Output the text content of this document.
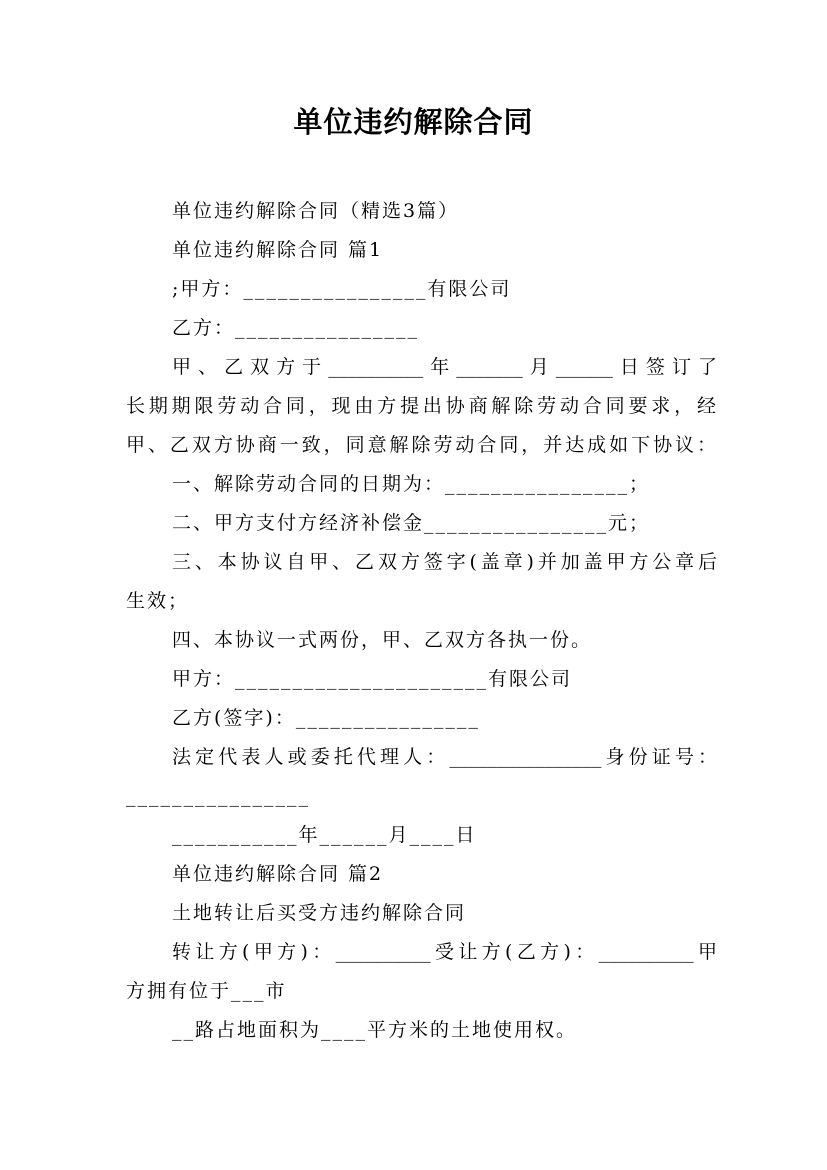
单位违约解除合同
单位违约解除合同（精选3篇）
单位违约解除合同 篇1
;甲方：________________有限公司
乙方：________________
甲、乙双方于__________年_______月______日签订了
长期期限劳动合同，现由方提出协商解除劳动合同要求，经
甲、乙双方协商一致，同意解除劳动合同，并达成如下协议：
一、解除劳动合同的日期为：________________；
二、甲方支付方经济补偿金________________元；
三、本协议自甲、乙双方签字(盖章)并加盖甲方公章后
生效；
四、本协议一式两份，甲、乙双方各执一份。
甲方：______________________有限公司
乙方(签字)：________________
法定代表人或委托代理人：________________身份证号：
________________
___________年______月____日
单位违约解除合同 篇2
土地转让后买受方违约解除合同
转让方(甲方)：__________受让方(乙方)：__________甲
方拥有位于___市
__路占地面积为____平方米的土地使用权。
